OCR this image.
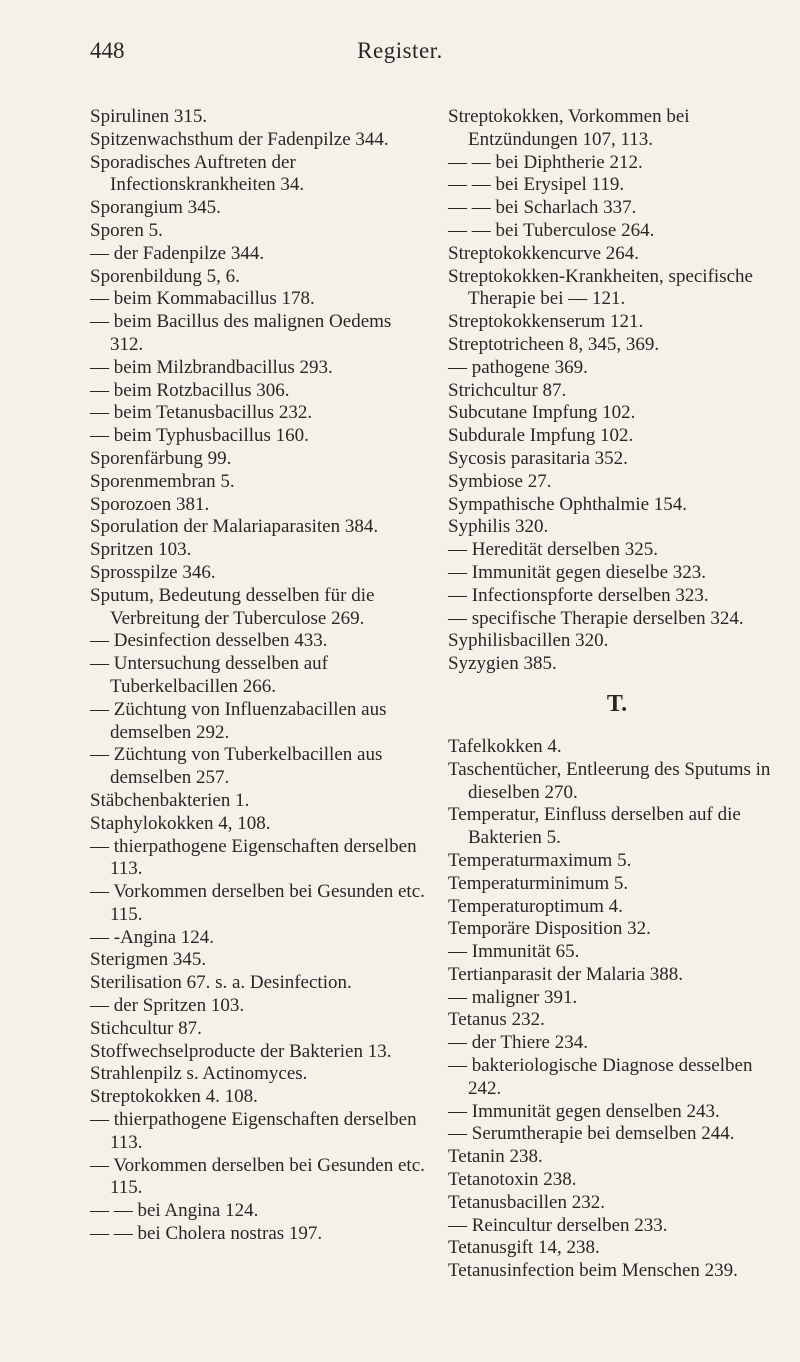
448	Register.
Spirulinen 315.
Spitzenwachsthum der Fadenpilze 344.
Sporadisches Auftreten der Infectionskrankheiten 34.
Sporangium 345.
Sporen 5.
— der Fadenpilze 344.
Sporenbildung 5, 6.
— beim Kommabacillus 178.
— beim Bacillus des malignen Oedems 312.
— beim Milzbrandbacillus 293.
— beim Rotzbacillus 306.
— beim Tetanusbacillus 232.
— beim Typhusbacillus 160.
Sporenfärbung 99.
Sporenmembran 5.
Sporozoen 381.
Sporulation der Malariaparasiten 384.
Spritzen 103.
Sprosspilze 346.
Sputum, Bedeutung desselben für die Verbreitung der Tuberculose 269.
— Desinfection desselben 433.
— Untersuchung desselben auf Tuberkelbacillen 266.
— Züchtung von Influenzabacillen aus demselben 292.
— Züchtung von Tuberkelbacillen aus demselben 257.
Stäbchenbakterien 1.
Staphylokokken 4, 108.
— thierpathogene Eigenschaften derselben 113.
— Vorkommen derselben bei Gesunden etc. 115.
— -Angina 124.
Sterigmen 345.
Sterilisation 67. s. a. Desinfection.
— der Spritzen 103.
Stichcultur 87.
Stoffwechselproducte der Bakterien 13.
Strahlenpilz s. Actinomyces.
Streptokokken 4. 108.
— thierpathogene Eigenschaften derselben 113.
— Vorkommen derselben bei Gesunden etc. 115.
— — bei Angina 124.
— — bei Cholera nostras 197.
Streptokokken, Vorkommen bei Entzündungen 107, 113.
— — bei Diphtherie 212.
— — bei Erysipel 119.
— — bei Scharlach 337.
— — bei Tuberculose 264.
Streptokokkencurve 264.
Streptokokken-Krankheiten, specifische Therapie bei — 121.
Streptokokkenserum 121.
Streptotricheen 8, 345, 369.
— pathogene 369.
Strichcultur 87.
Subcutane Impfung 102.
Subdurale Impfung 102.
Sycosis parasitaria 352.
Symbiose 27.
Sympathische Ophthalmie 154.
Syphilis 320.
— Heredität derselben 325.
— Immunität gegen dieselbe 323.
— Infectionspforte derselben 323.
— specifische Therapie derselben 324.
Syphilisbacillen 320.
Syzygien 385.
T.
Tafelkokken 4.
Taschentücher, Entleerung des Sputums in dieselben 270.
Temperatur, Einfluss derselben auf die Bakterien 5.
Temperaturmaximum 5.
Temperaturminimum 5.
Temperaturoptimum 4.
Temporäre Disposition 32.
— Immunität 65.
Tertianparasit der Malaria 388.
— maligner 391.
Tetanus 232.
— der Thiere 234.
— bakteriologische Diagnose desselben 242.
— Immunität gegen denselben 243.
— Serumtherapie bei demselben 244.
Tetanin 238.
Tetanotoxin 238.
Tetanusbacillen 232.
— Reincultur derselben 233.
Tetanusgift 14, 238.
Tetanusinfection beim Menschen 239.
